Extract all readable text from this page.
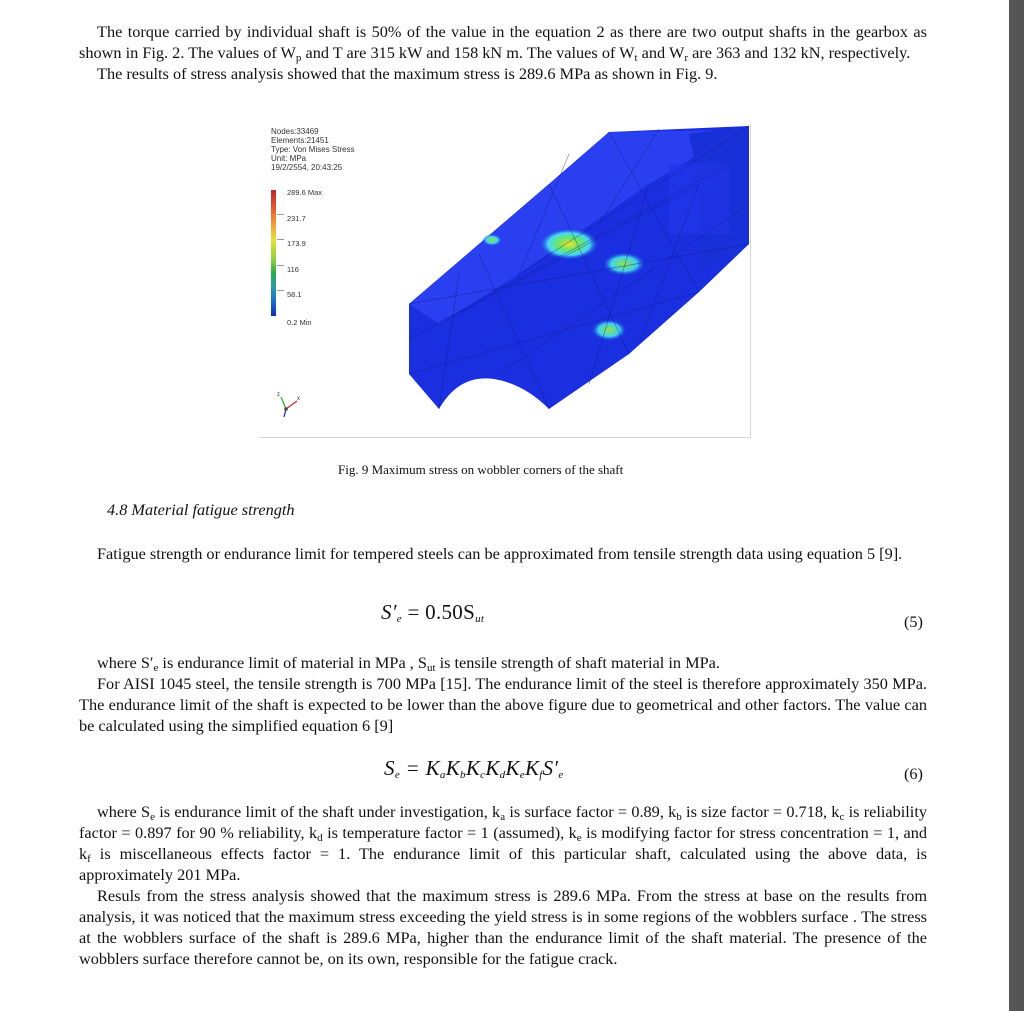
The torque carried by individual shaft is 50% of the value in the equation 2 as there are two output shafts in the gearbox as shown in Fig. 2. The values of $W_p$ and T are 315 kW and 158 kN m. The values of $W_t$ and $W_r$ are 363 and 132 kN, respectively.

The results of stress analysis showed that the maximum stress is 289.6 MPa as shown in Fig. 9.

Nodes:33469
Elements:21451
Type: Von Mises Stress
Unit: MPa
19/2/2554, 20:43:25
289.6 Max
231.7
173.9
116
58.1
0.2 Min
z
x
Fig. 9 Maximum stress on wobbler corners of the shaft
4.8 Material fatigue strength

Fatigue strength or endurance limit for tempered steels can be approximated from tensile strength data using equation 5 [9].

$S'_e = 0.50S_{ut}$	(5)

where $S'_e$ is endurance limit of material in MPa , $S_{ut}$ is tensile strength of shaft material in MPa.

For AISI 1045 steel, the tensile strength is 700 MPa [15]. The endurance limit of the steel is therefore approximately 350 MPa. The endurance limit of the shaft is expected to be lower than the above figure due to geometrical and other factors. The value can be calculated using the simplified equation 6 [9]

$S_e = K_aK_bK_cK_dK_eK_fS'_e$	(6)

where $S_e$ is endurance limit of the shaft under investigation, $k_a$ is surface factor = 0.89, $k_b$ is size factor = 0.718, $k_c$ is reliability factor = 0.897 for 90 % reliability, $k_d$ is temperature factor = 1 (assumed), $k_e$ is modifying factor for stress concentration = 1, and $k_f$ is miscellaneous effects factor = 1. The endurance limit of this particular shaft, calculated using the above data, is approximately 201 MPa.

Resuls from the stress analysis showed that the maximum stress is 289.6 MPa. From the stress at base on the results from analysis, it was noticed that the maximum stress exceeding the yield stress is in some regions of the wobblers surface . The stress at the wobblers surface of the shaft is 289.6 MPa, higher than the endurance limit of the shaft material. The presence of the wobblers surface therefore cannot be, on its own, responsible for the fatigue crack.
